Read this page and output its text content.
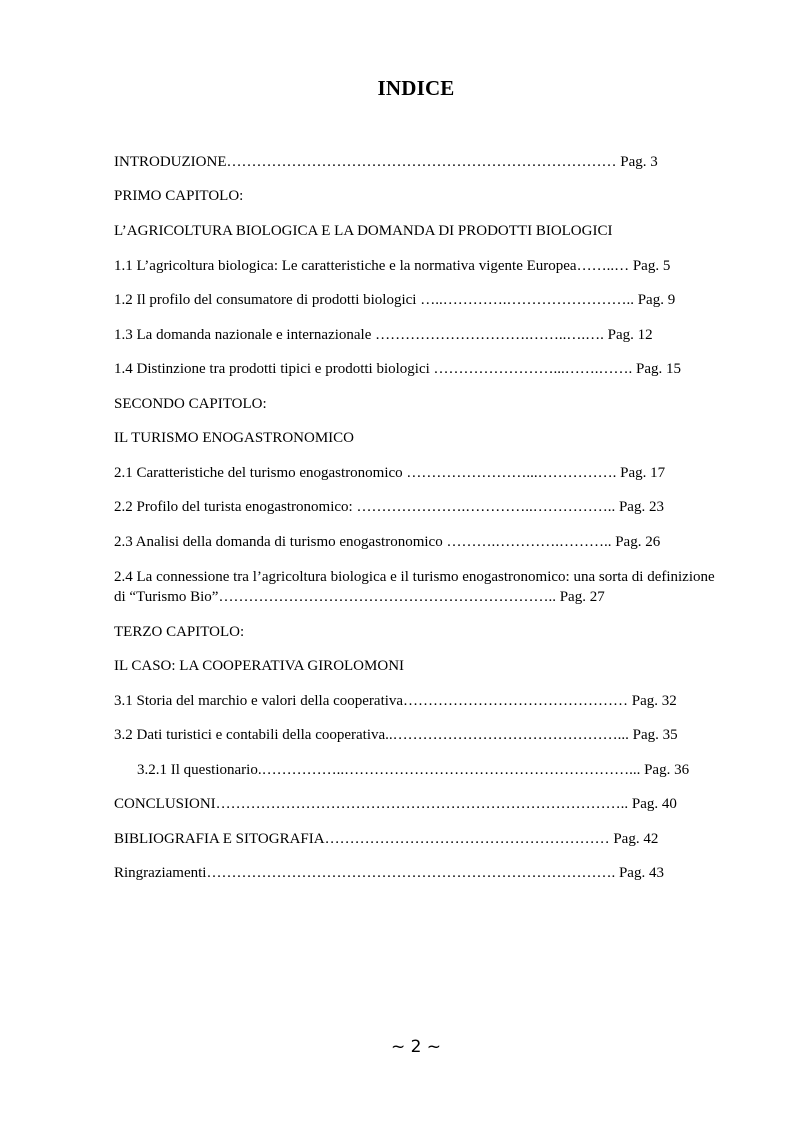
INDICE
INTRODUZIONE…………………………………………………………………… Pag. 3
PRIMO CAPITOLO:
L’AGRICOLTURA BIOLOGICA E LA DOMANDA DI PRODOTTI BIOLOGICI
1.1 L’agricoltura biologica: Le caratteristiche e la normativa vigente Europea……..… Pag. 5
1.2 Il profilo del consumatore di prodotti biologici …..………….…………………….. Pag. 9
1.3 La domanda nazionale e internazionale ………………………….……..….…. Pag. 12
1.4 Distinzione tra prodotti tipici e prodotti biologici ……………………...…….……. Pag. 15
SECONDO CAPITOLO:
IL TURISMO ENOGASTRONOMICO
2.1 Caratteristiche del turismo enogastronomico ……………………...……………. Pag. 17
2.2 Profilo del turista enogastronomico: ………………….…………..…………….. Pag. 23
2.3 Analisi della domanda di turismo enogastronomico ……….………….……….. Pag. 26
2.4 La connessione tra l’agricoltura biologica e il turismo enogastronomico: una sorta di definizione di “Turismo Bio”………………………………………………………….. Pag. 27
TERZO CAPITOLO:
IL CASO: LA COOPERATIVA GIROLOMONI
3.1 Storia del marchio e valori della cooperativa……………………………………… Pag. 32
3.2 Dati turistici e contabili della cooperativa..………………………………………... Pag. 35
3.2.1 Il questionario.……………..…………………………………………………... Pag. 36
CONCLUSIONI……………………………………………………………………….. Pag. 40
BIBLIOGRAFIA E SITOGRAFIA………………………………………………… Pag. 42
Ringraziamenti………………………………………………………………………. Pag. 43
~ 2 ~
